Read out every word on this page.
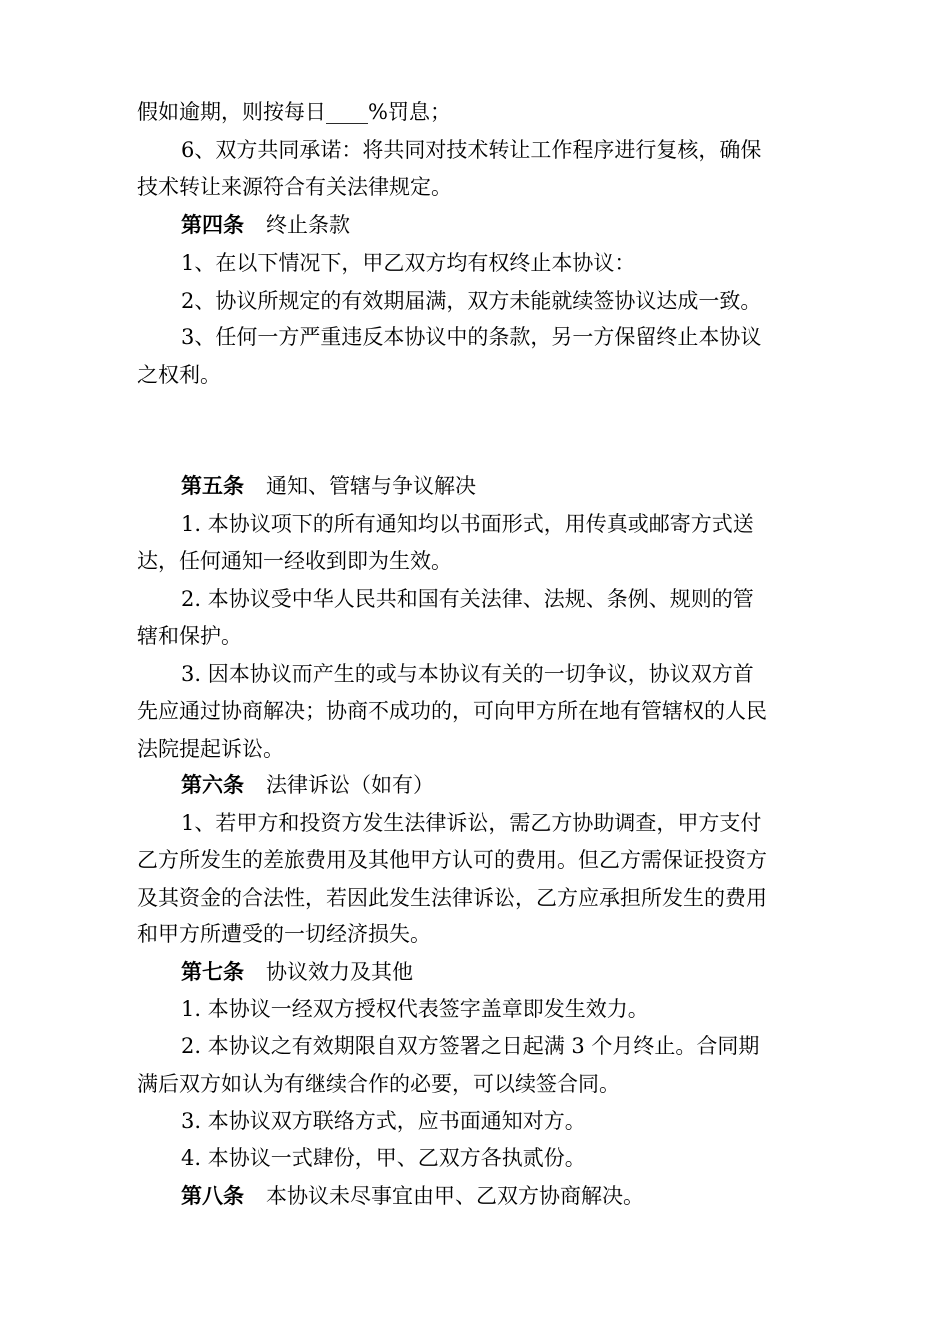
假如逾期，则按每日____%罚息；

6、双方共同承诺：将共同对技术转让工作程序进行复核，确保

技术转让来源符合有关法律规定。

第四条 终止条款

1、在以下情况下，甲乙双方均有权终止本协议：

2、协议所规定的有效期届满，双方未能就续签协议达成一致。

3、任何一方严重违反本协议中的条款，另一方保留终止本协议

之权利。

第五条 通知、管辖与争议解决

1. 本协议项下的所有通知均以书面形式，用传真或邮寄方式送

达，任何通知一经收到即为生效。

2. 本协议受中华人民共和国有关法律、法规、条例、规则的管

辖和保护。

3. 因本协议而产生的或与本协议有关的一切争议，协议双方首

先应通过协商解决；协商不成功的，可向甲方所在地有管辖权的人民

法院提起诉讼。

第六条 法律诉讼（如有）

1、若甲方和投资方发生法律诉讼，需乙方协助调查，甲方支付

乙方所发生的差旅费用及其他甲方认可的费用。但乙方需保证投资方

及其资金的合法性，若因此发生法律诉讼，乙方应承担所发生的费用

和甲方所遭受的一切经济损失。

第七条 协议效力及其他

1. 本协议一经双方授权代表签字盖章即发生效力。

2. 本协议之有效期限自双方签署之日起满 3 个月终止。合同期

满后双方如认为有继续合作的必要，可以续签合同。

3. 本协议双方联络方式，应书面通知对方。

4. 本协议一式肆份，甲、乙双方各执贰份。

第八条 本协议未尽事宜由甲、乙双方协商解决。
